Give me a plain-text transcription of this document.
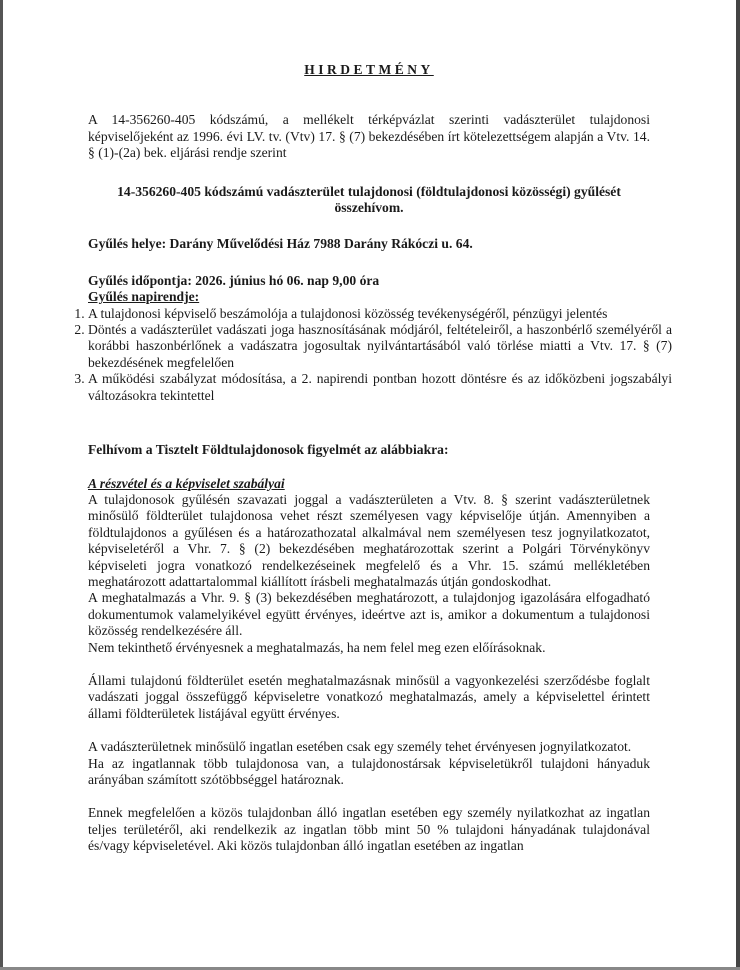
HIRDETMÉNY

A 14-356260-405 kódszámú, a mellékelt térképvázlat szerinti vadászterület tulajdonosi képviselőjeként az 1996. évi LV. tv. (Vtv) 17. § (7) bekezdésében írt kötelezettségem alapján a Vtv. 14. § (1)-(2a) bek. eljárási rendje szerint

14-356260-405 kódszámú vadászterület tulajdonosi (földtulajdonosi közösségi) gyűlését összehívom.

Gyűlés helye: Darány Művelődési Ház 7988 Darány Rákóczi u. 64.

Gyűlés időpontja: 2026. június hó 06. nap 9,00 óra

Gyűlés napirendje:

1. A tulajdonosi képviselő beszámolója a tulajdonosi közösség tevékenységéről, pénzügyi jelentés
2. Döntés a vadászterület vadászati joga hasznosításának módjáról, feltételeiről, a haszonbérlő személyéről a korábbi haszonbérlőnek a vadászatra jogosultak nyilvántartásából való törlése miatti a Vtv. 17. § (7) bekezdésének megfelelően
3. A működési szabályzat módosítása, a 2. napirendi pontban hozott döntésre és az időközbeni jogszabályi változásokra tekintettel

Felhívom a Tisztelt Földtulajdonosok figyelmét az alábbiakra:

A részvétel és a képviselet szabályai

A tulajdonosok gyűlésén szavazati joggal a vadászterületen a Vtv. 8. § szerint vadászterületnek minősülő földterület tulajdonosa vehet részt személyesen vagy képviselője útján. Amennyiben a földtulajdonos a gyűlésen és a határozathozatal alkalmával nem személyesen tesz jognyilatkozatot, képviseletéről a Vhr. 7. § (2) bekezdésében meghatározottak szerint a Polgári Törvénykönyv képviseleti jogra vonatkozó rendelkezéseinek megfelelő és a Vhr. 15. számú mellékletében meghatározott adattartalommal kiállított írásbeli meghatalmazás útján gondoskodhat.

A meghatalmazás a Vhr. 9. § (3) bekezdésében meghatározott, a tulajdonjog igazolására elfogadható dokumentumok valamelyikével együtt érvényes, ideértve azt is, amikor a dokumentum a tulajdonosi közösség rendelkezésére áll.

Nem tekinthető érvényesnek a meghatalmazás, ha nem felel meg ezen előírásoknak.

Állami tulajdonú földterület esetén meghatalmazásnak minősül a vagyonkezelési szerződésbe foglalt vadászati joggal összefüggő képviseletre vonatkozó meghatalmazás, amely a képviselettel érintett állami földterületek listájával együtt érvényes.

A vadászterületnek minősülő ingatlan esetében csak egy személy tehet érvényesen jognyilatkozatot.

Ha az ingatlannak több tulajdonosa van, a tulajdonostársak képviseletükről tulajdoni hányaduk arányában számított szótöbbséggel határoznak.

Ennek megfelelően a közös tulajdonban álló ingatlan esetében egy személy nyilatkozhat az ingatlan teljes területéről, aki rendelkezik az ingatlan több mint 50 % tulajdoni hányadának tulajdonával és/vagy képviseletével. Aki közös tulajdonban álló ingatlan esetében az ingatlan
